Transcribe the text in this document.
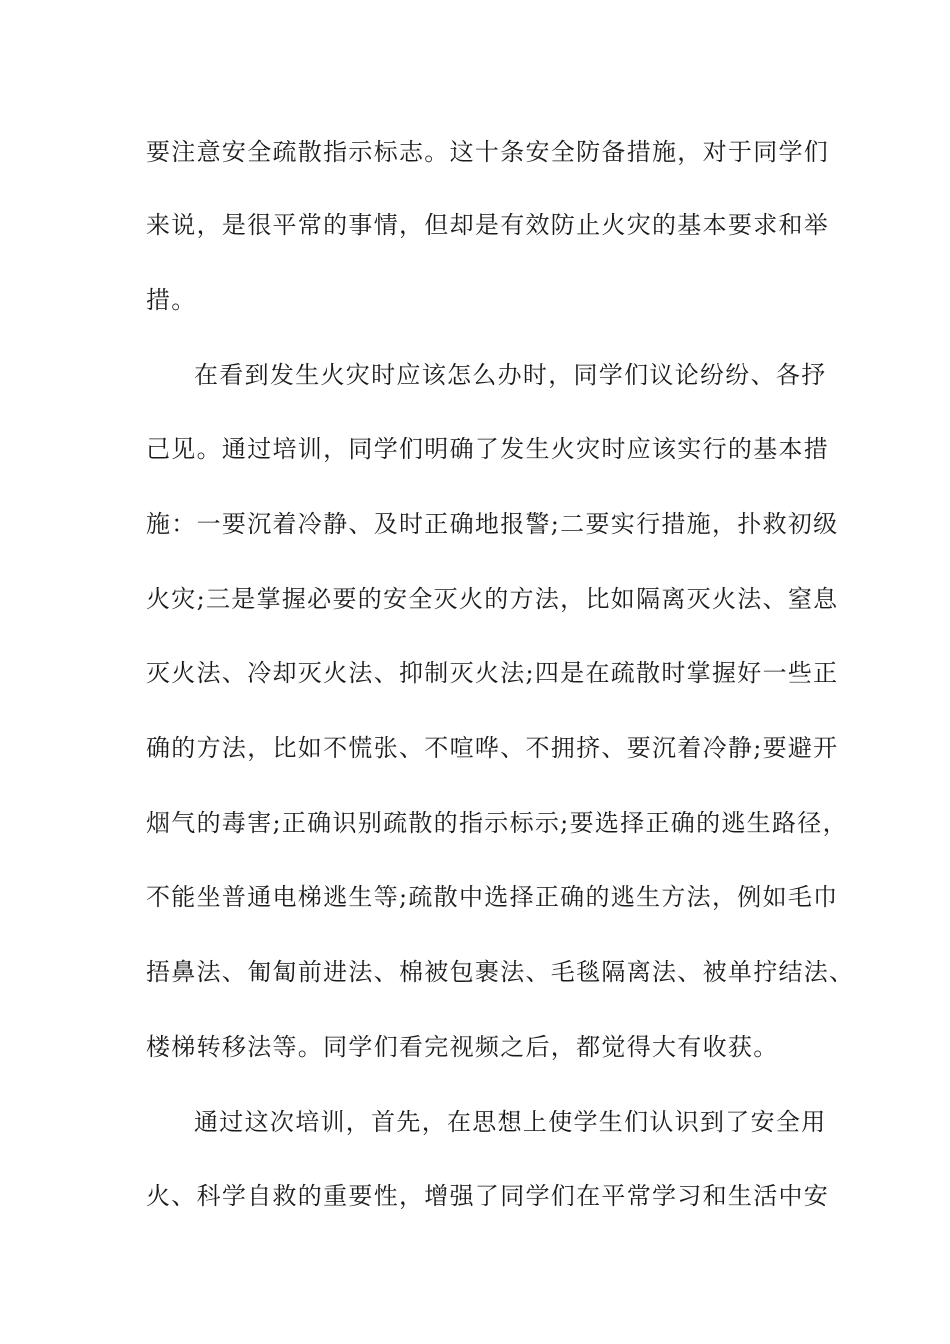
要注意安全疏散指示标志。这十条安全防备措施，对于同学们
来说，是很平常的事情，但却是有效防止火灾的基本要求和举
措。
在看到发生火灾时应该怎么办时，同学们议论纷纷、各抒
己见。通过培训，同学们明确了发生火灾时应该实行的基本措
施：一要沉着冷静、及时正确地报警;二要实行措施，扑救初级
火灾;三是掌握必要的安全灭火的方法，比如隔离灭火法、窒息
灭火法、冷却灭火法、抑制灭火法;四是在疏散时掌握好一些正
确的方法，比如不慌张、不喧哗、不拥挤、要沉着冷静;要避开
烟气的毒害;正确识别疏散的指示标示;要选择正确的逃生路径，
不能坐普通电梯逃生等;疏散中选择正确的逃生方法，例如毛巾
捂鼻法、匍匐前进法、棉被包裹法、毛毯隔离法、被单拧结法、
楼梯转移法等。同学们看完视频之后，都觉得大有收获。
通过这次培训，首先，在思想上使学生们认识到了安全用
火、科学自救的重要性，增强了同学们在平常学习和生活中安
